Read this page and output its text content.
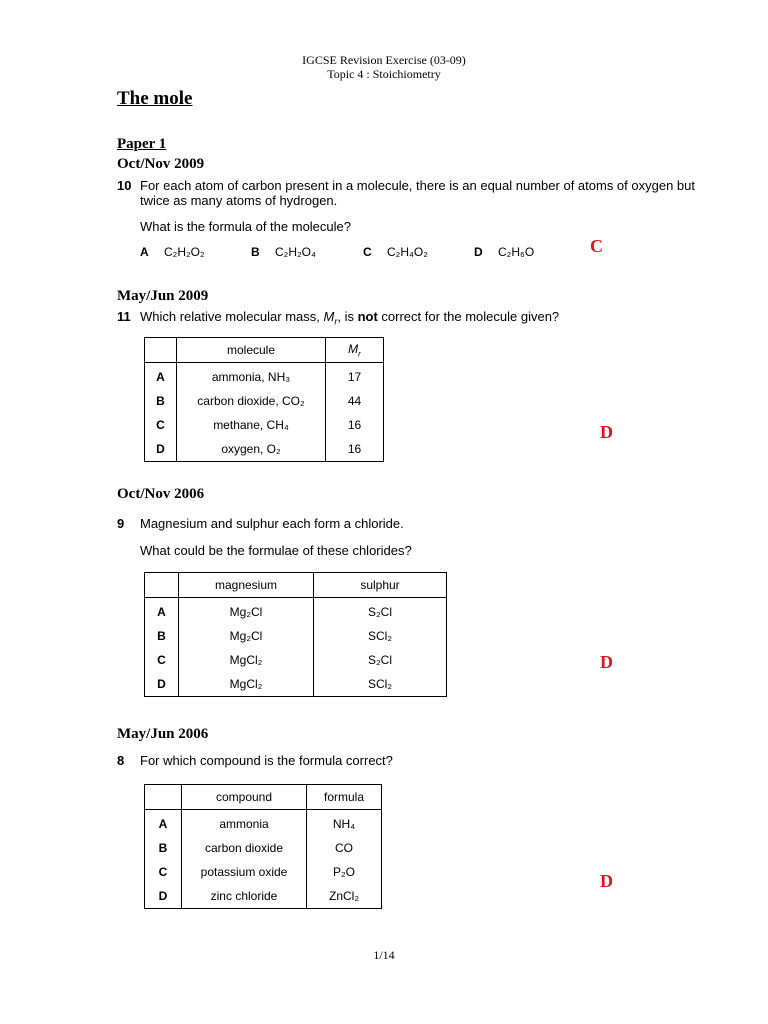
IGCSE Revision Exercise (03-09)
Topic 4 : Stoichiometry
The mole
Paper 1
Oct/Nov 2009
10 For each atom of carbon present in a molecule, there is an equal number of atoms of oxygen but
twice as many atoms of hydrogen.
What is the formula of the molecule?
A	C₂H₂O₂	B	C₂H₂O₄	C	C₂H₄O₂	D	C₂H₆O	C
May/Jun 2009
11 Which relative molecular mass, $M_r$, is not correct for the molecule given?
	molecule	$M_r$
A	ammonia, NH₃	17
B	carbon dioxide, CO₂	44
C	methane, CH₄	16
D	oxygen, O₂	16
D
Oct/Nov 2006
9 Magnesium and sulphur each form a chloride.
What could be the formulae of these chlorides?
	magnesium	sulphur
A	Mg₂Cl	S₂Cl
B	Mg₂Cl	SCl₂
C	MgCl₂	S₂Cl
D	MgCl₂	SCl₂
D
May/Jun 2006
8 For which compound is the formula correct?
	compound	formula
A	ammonia	NH₄
B	carbon dioxide	CO
C	potassium oxide	P₂O
D	zinc chloride	ZnCl₂
D
1/14
